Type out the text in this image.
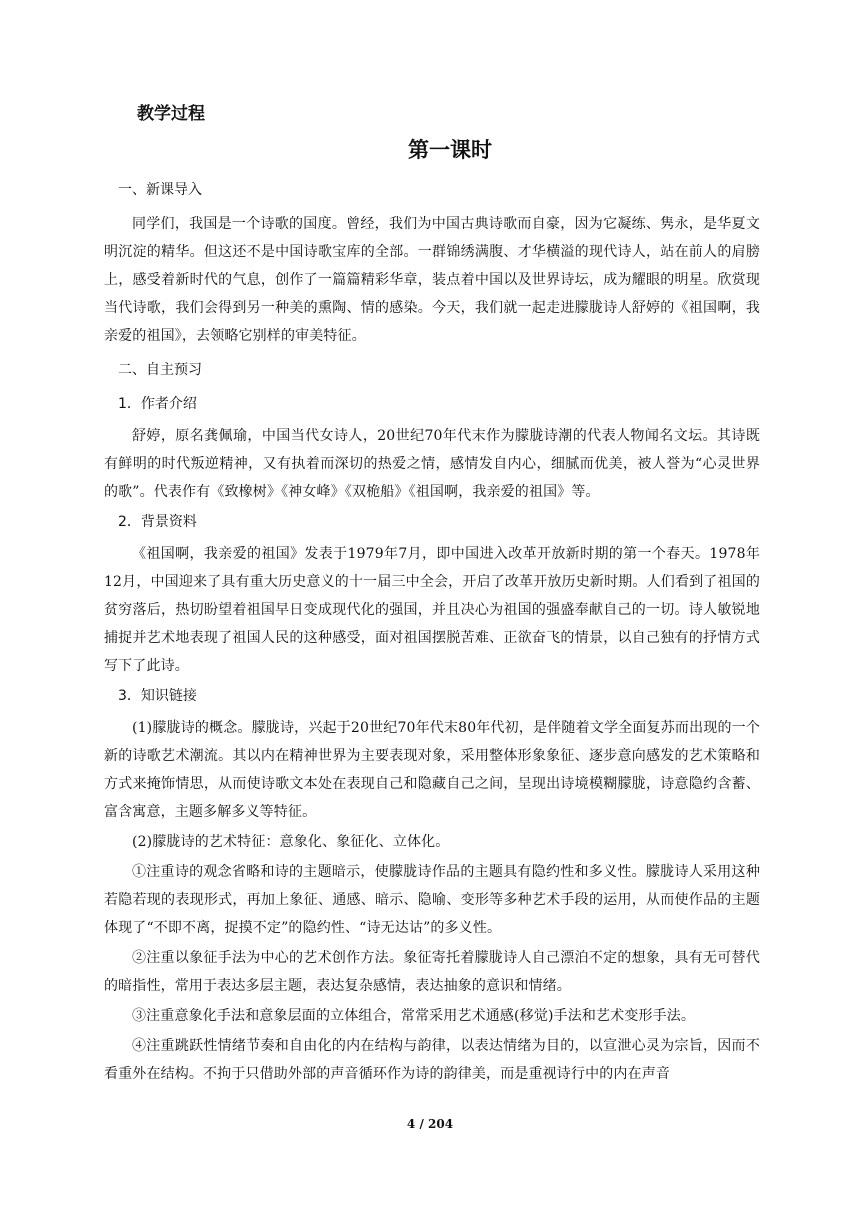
教学过程
第一课时
一、新课导入
同学们，我国是一个诗歌的国度。曾经，我们为中国古典诗歌而自豪，因为它凝练、隽永，是华夏文明沉淀的精华。但这还不是中国诗歌宝库的全部。一群锦绣满腹、才华横溢的现代诗人，站在前人的肩膀上，感受着新时代的气息，创作了一篇篇精彩华章，装点着中国以及世界诗坛，成为耀眼的明星。欣赏现当代诗歌，我们会得到另一种美的熏陶、情的感染。今天，我们就一起走进朦胧诗人舒婷的《祖国啊，我亲爱的祖国》，去领略它别样的审美特征。
二、自主预习
1．作者介绍
舒婷，原名龚佩瑜，中国当代女诗人，20世纪70年代末作为朦胧诗潮的代表人物闻名文坛。其诗既有鲜明的时代叛逆精神，又有执着而深切的热爱之情，感情发自内心，细腻而优美，被人誉为“心灵世界的歌”。代表作有《致橡树》《神女峰》《双桅船》《祖国啊，我亲爱的祖国》等。
2．背景资料
《祖国啊，我亲爱的祖国》发表于1979年7月，即中国进入改革开放新时期的第一个春天。1978年12月，中国迎来了具有重大历史意义的十一届三中全会，开启了改革开放历史新时期。人们看到了祖国的贫穷落后，热切盼望着祖国早日变成现代化的强国，并且决心为祖国的强盛奉献自己的一切。诗人敏锐地捕捉并艺术地表现了祖国人民的这种感受，面对祖国摆脱苦难、正欲奋飞的情景，以自己独有的抒情方式写下了此诗。
3．知识链接
(1)朦胧诗的概念。朦胧诗，兴起于20世纪70年代末80年代初，是伴随着文学全面复苏而出现的一个新的诗歌艺术潮流。其以内在精神世界为主要表现对象，采用整体形象象征、逐步意向感发的艺术策略和方式来掩饰情思，从而使诗歌文本处在表现自己和隐藏自己之间，呈现出诗境模糊朦胧，诗意隐约含蓄、富含寓意，主题多解多义等特征。
(2)朦胧诗的艺术特征：意象化、象征化、立体化。
①注重诗的观念省略和诗的主题暗示，使朦胧诗作品的主题具有隐约性和多义性。朦胧诗人采用这种若隐若现的表现形式，再加上象征、通感、暗示、隐喻、变形等多种艺术手段的运用，从而使作品的主题体现了“不即不离，捉摸不定”的隐约性、“诗无达诂”的多义性。
②注重以象征手法为中心的艺术创作方法。象征寄托着朦胧诗人自己漂泊不定的想象，具有无可替代的暗指性，常用于表达多层主题，表达复杂感情，表达抽象的意识和情绪。
③注重意象化手法和意象层面的立体组合，常常采用艺术通感(移觉)手法和艺术变形手法。
④注重跳跃性情绪节奏和自由化的内在结构与韵律，以表达情绪为目的，以宣泄心灵为宗旨，因而不看重外在结构。不拘于只借助外部的声音循环作为诗的韵律美，而是重视诗行中的内在声音
4 / 204
